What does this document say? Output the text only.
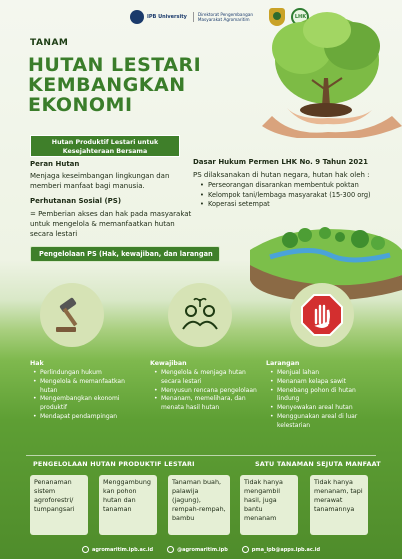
IPB University	Direktorat Pengembangan Masyarakat Agromaritim	LHK
TANAM
HUTAN LESTARI
KEMBANGKAN
EKONOMI
Hutan Produktif Lestari untuk Kesejahteraan Bersama
Peran Hutan
Menjaga keseimbangan lingkungan dan memberi manfaat bagi manusia.
Perhutanan Sosial (PS)
= Pemberian akses dan hak pada masyarakat untuk mengelola & memanfaatkan hutan secara lestari
Dasar Hukum Permen LHK No. 9 Tahun 2021
PS dilaksanakan di hutan negara, hutan hak oleh :
• Perseorangan disarankan membentuk poktan
• Kelompok tani/lembaga masyarakat (15-300 org)
• Koperasi setempat
Pengelolaan PS (Hak, kewajiban, dan larangan
Hak
• Perlindungan hukum
• Mengelola & memanfaatkan hutan
• Mengembangkan ekonomi produktif
• Mendapat pendampingan
Kewajiban
• Mengelola & menjaga hutan secara lestari
• Menyusun rencana pengelolaan
• Menanam, memelihara, dan menata hasil hutan
Larangan
• Menjual lahan
• Menanam kelapa sawit
• Menebang pohon di hutan lindung
• Menyewakan areal hutan
• Menggunakan areal di luar kelestarian
PENGELOLAAN HUTAN PRODUKTIF LESTARI	SATU TANAMAN SEJUTA MANFAAT
Penanaman sistem agroforestri/ tumpangsari
Menggambung kan pohon hutan dan tanaman
Tanaman buah, palawija (jagung), rempah-rempah, bambu
Tidak hanya mengambil hasil, juga bantu menanam
Tidak hanya menanam, tapi merawat tanamannya
agromaritim.ipb.ac.id	@agromaritim.ipb	pma_ipb@apps.ipb.ac.id
